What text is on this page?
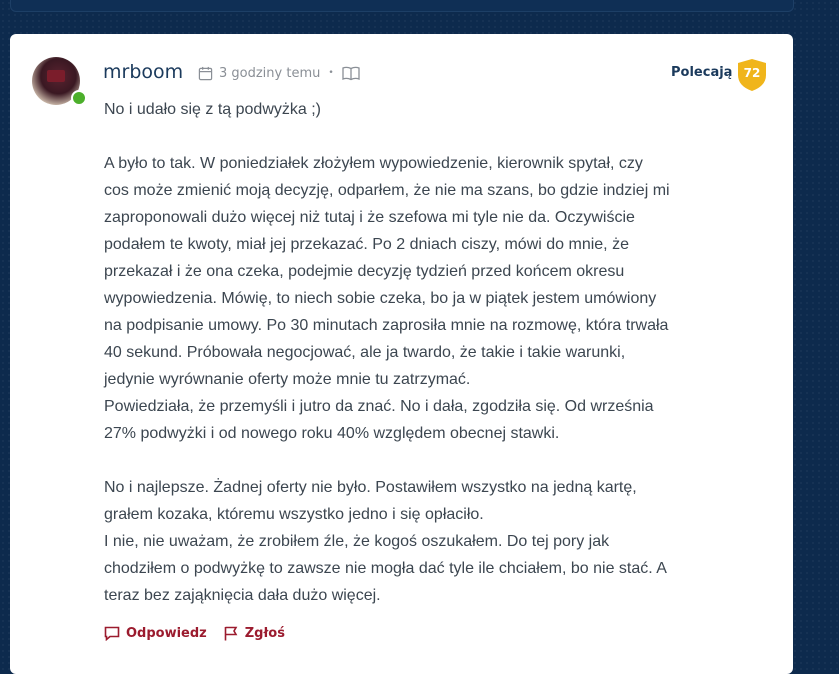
mrboom	3 godziny temu •	Polecają 72

No i udało się z tą podwyżka ;)

A było to tak. W poniedziałek złożyłem wypowiedzenie, kierownik spytał, czy
cos może zmienić moją decyzję, odparłem, że nie ma szans, bo gdzie indziej mi
zaproponowali dużo więcej niż tutaj i że szefowa mi tyle nie da. Oczywiście
podałem te kwoty, miał jej przekazać. Po 2 dniach ciszy, mówi do mnie, że
przekazał i że ona czeka, podejmie decyzję tydzień przed końcem okresu
wypowiedzenia. Mówię, to niech sobie czeka, bo ja w piątek jestem umówiony
na podpisanie umowy. Po 30 minutach zaprosiła mnie na rozmowę, która trwała
40 sekund. Próbowała negocjować, ale ja twardo, że takie i takie warunki,
jedynie wyrównanie oferty może mnie tu zatrzymać.
Powiedziała, że przemyśli i jutro da znać. No i dała, zgodziła się. Od września
27% podwyżki i od nowego roku 40% względem obecnej stawki.

No i najlepsze. Żadnej oferty nie było. Postawiłem wszystko na jedną kartę,
grałem kozaka, któremu wszystko jedno i się opłaciło.
I nie, nie uważam, że zrobiłem źle, że kogoś oszukałem. Do tej pory jak
chodziłem o podwyżkę to zawsze nie mogła dać tyle ile chciałem, bo nie stać. A
teraz bez zająknięcia dała dużo więcej.

Odpowiedz	Zgłoś
